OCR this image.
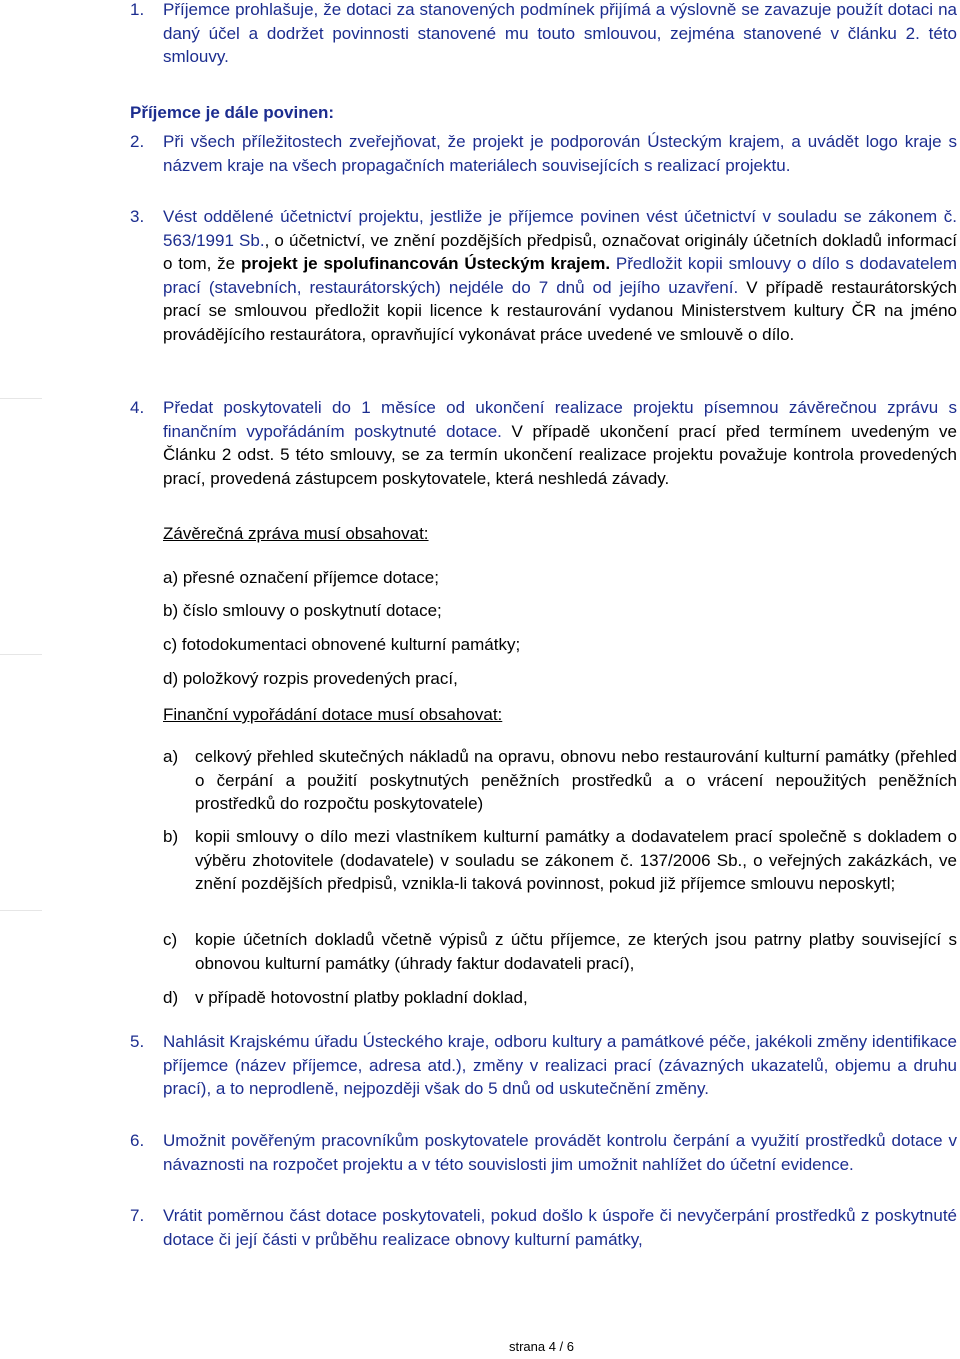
1. Příjemce prohlašuje, že dotaci za stanovených podmínek přijímá a výslovně se zavazuje použít dotaci na daný účel a dodržet povinnosti stanovené mu touto smlouvou, zejména stanovené v článku 2. této smlouvy.
Příjemce je dále povinen:
2. Při všech příležitostech zveřejňovat, že projekt je podporován Ústeckým krajem, a uvádět logo kraje s názvem kraje na všech propagačních materiálech souvisejících s realizací projektu.
3. Vést oddělené účetnictví projektu, jestliže je příjemce povinen vést účetnictví v souladu se zákonem č. 563/1991 Sb., o účetnictví, ve znění pozdějších předpisů, označovat originály účetních dokladů informací o tom, že projekt je spolufinancován Ústeckým krajem. Předložit kopii smlouvy o dílo s dodavatelem prací (stavebních, restaurátorských) nejdéle do 7 dnů od jejího uzavření. V případě restaurátorských prací se smlouvou předložit kopii licence k restaurování vydanou Ministerstvem kultury ČR na jméno provádějícího restaurátora, opravňující vykonávat práce uvedené ve smlouvě o dílo.
4. Předat poskytovateli do 1 měsíce od ukončení realizace projektu písemnou závěrečnou zprávu s finančním vypořádáním poskytnuté dotace. V případě ukončení prací před termínem uvedeným ve Článku 2 odst. 5 této smlouvy, se za termín ukončení realizace projektu považuje kontrola provedených prací, provedená zástupcem poskytovatele, která neshledá závady.
Závěrečná zpráva musí obsahovat:
a) přesné označení příjemce dotace;
b) číslo smlouvy o poskytnutí dotace;
c) fotodokumentaci obnovené kulturní památky;
d) položkový rozpis provedených prací,
Finanční vypořádání dotace musí obsahovat:
a) celkový přehled skutečných nákladů na opravu, obnovu nebo restaurování kulturní památky (přehled o čerpání a použití poskytnutých peněžních prostředků a o vrácení nepoužitých peněžních prostředků do rozpočtu poskytovatele)
b) kopii smlouvy o dílo mezi vlastníkem kulturní památky a dodavatelem prací společně s dokladem o výběru zhotovitele (dodavatele) v souladu se zákonem č. 137/2006 Sb., o veřejných zakázkách, ve znění pozdějších předpisů, vznikla-li taková povinnost, pokud již příjemce smlouvu neposkytl;
c) kopie účetních dokladů včetně výpisů z účtu příjemce, ze kterých jsou patrny platby související s obnovou kulturní památky (úhrady faktur dodavateli prací),
d) v případě hotovostní platby pokladní doklad,
5. Nahlásit Krajskému úřadu Ústeckého kraje, odboru kultury a památkové péče, jakékoli změny identifikace příjemce (název příjemce, adresa atd.), změny v realizaci prací (závazných ukazatelů, objemu a druhu prací), a to neprodleně, nejpozději však do 5 dnů od uskutečnění změny.
6. Umožnit pověřeným pracovníkům poskytovatele provádět kontrolu čerpání a využití prostředků dotace v návaznosti na rozpočet projektu a v této souvislosti jim umožnit nahlížet do účetní evidence.
7. Vrátit poměrnou část dotace poskytovateli, pokud došlo k úspoře či nevyčerpání prostředků z poskytnuté dotace či její části v průběhu realizace obnovy kulturní památky,
strana 4 / 6
